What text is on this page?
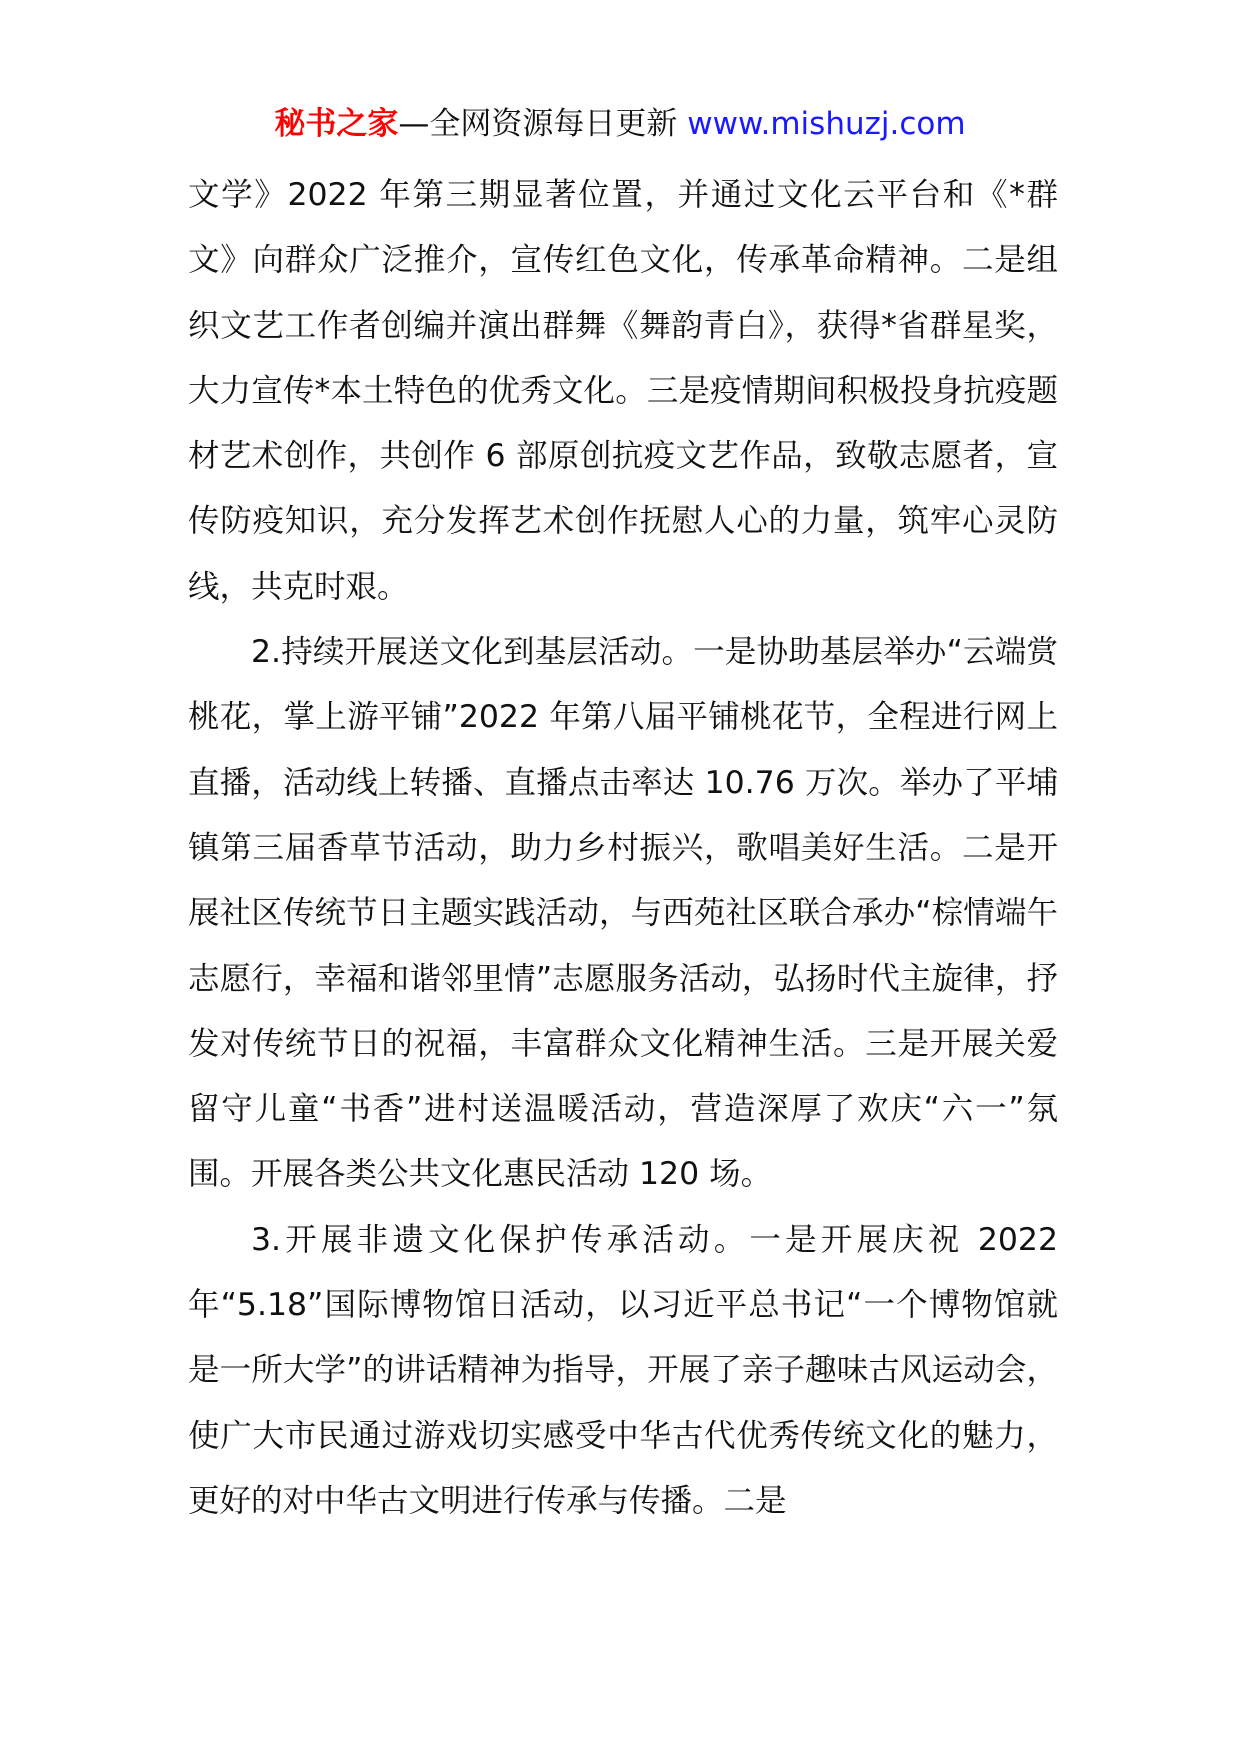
秘书之家—全网资源每日更新 www.mishuzj.com

文学》2022 年第三期显著位置，并通过文化云平台和《*群文》向群众广泛推介，宣传红色文化，传承革命精神。二是组织文艺工作者创编并演出群舞《舞韵青白》，获得*省群星奖，大力宣传*本土特色的优秀文化。三是疫情期间积极投身抗疫题材艺术创作，共创作 6 部原创抗疫文艺作品，致敬志愿者，宣传防疫知识，充分发挥艺术创作抚慰人心的力量，筑牢心灵防线，共克时艰。

2.持续开展送文化到基层活动。一是协助基层举办“云端赏桃花，掌上游平铺”2022 年第八届平铺桃花节，全程进行网上直播，活动线上转播、直播点击率达 10.76 万次。举办了平埔镇第三届香草节活动，助力乡村振兴，歌唱美好生活。二是开展社区传统节日主题实践活动，与西苑社区联合承办“棕情端午志愿行，幸福和谐邻里情”志愿服务活动，弘扬时代主旋律，抒发对传统节日的祝福，丰富群众文化精神生活。三是开展关爱留守儿童“书香”进村送温暖活动，营造深厚了欢庆“六一”氛围。开展各类公共文化惠民活动 120 场。

3.开展非遗文化保护传承活动。一是开展庆祝 2022 年“5.18”国际博物馆日活动，以习近平总书记“一个博物馆就是一所大学”的讲话精神为指导，开展了亲子趣味古风运动会，使广大市民通过游戏切实感受中华古代优秀传统文化的魅力，更好的对中华古文明进行传承与传播。二是
